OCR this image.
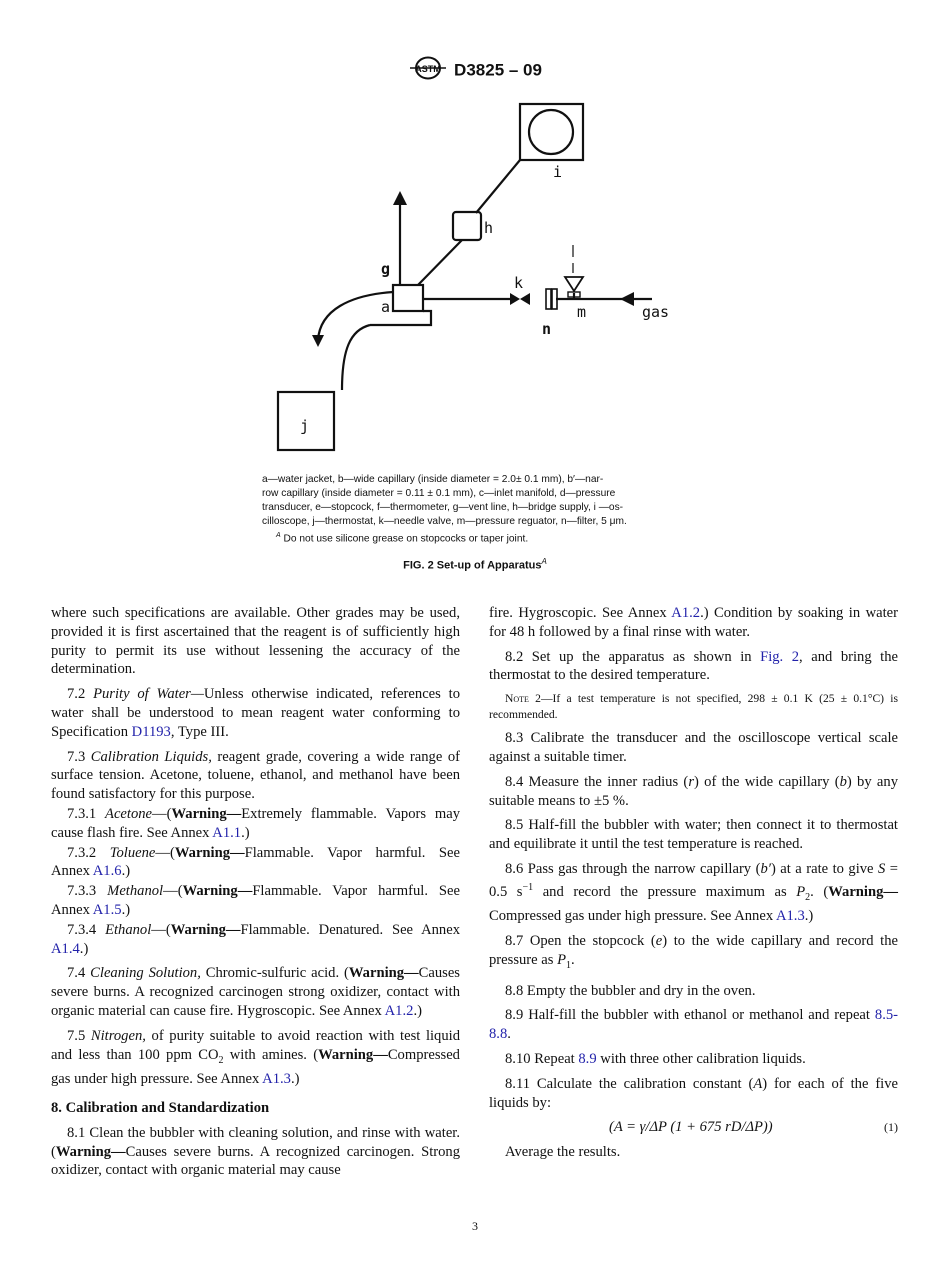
ASTM D3825 – 09
i
h
g
a
k
n
m	gas
j

a—water jacket, b—wide capillary (inside diameter = 2.0± 0.1 mm), b′—nar-

row capillary (inside diameter = 0.11 ± 0.1 mm), c—inlet manifold, d—pressure

transducer, e—stopcock, f—thermometer, g—vent line, h—bridge supply, i —os-

cilloscope, j—thermostat, k—needle valve, m—pressure reguator, n—filter, 5 μm.

$^A$ Do not use silicone grease on stopcocks or taper joint.

FIG. 2 Set-up of Apparatus$^A$

where such specifications are available. Other grades may be used, provided it is first ascertained that the reagent is of sufficiently high purity to permit its use without lessening the accuracy of the determination.

7.2 Purity of Water—Unless otherwise indicated, references to water shall be understood to mean reagent water conforming to Specification D1193, Type III.

7.3 Calibration Liquids, reagent grade, covering a wide range of surface tension. Acetone, toluene, ethanol, and methanol have been found satisfactory for this purpose.

7.3.1 Acetone—(Warning—Extremely flammable. Vapors may cause flash fire. See Annex A1.1.)

7.3.2 Toluene—(Warning—Flammable. Vapor harmful. See Annex A1.6.)

7.3.3 Methanol—(Warning—Flammable. Vapor harmful. See Annex A1.5.)

7.3.4 Ethanol—(Warning—Flammable. Denatured. See Annex A1.4.)

7.4 Cleaning Solution, Chromic-sulfuric acid. (Warning—Causes severe burns. A recognized carcinogen strong oxidizer, contact with organic material can cause fire. Hygroscopic. See Annex A1.2.)

7.5 Nitrogen, of purity suitable to avoid reaction with test liquid and less than 100 ppm $CO_2$ with amines. (Warning—Compressed gas under high pressure. See Annex A1.3.)

8. Calibration and Standardization

8.1 Clean the bubbler with cleaning solution, and rinse with water. (Warning—Causes severe burns. A recognized carcinogen. Strong oxidizer, contact with organic material may cause

fire. Hygroscopic. See Annex A1.2.) Condition by soaking in water for 48 h followed by a final rinse with water.

8.2 Set up the apparatus as shown in Fig. 2, and bring the thermostat to the desired temperature.

Note 2—If a test temperature is not specified, 298 ± 0.1 K (25 ± 0.1°C) is recommended.

8.3 Calibrate the transducer and the oscilloscope vertical scale against a suitable timer.

8.4 Measure the inner radius (r) of the wide capillary (b) by any suitable means to ±5 %.

8.5 Half-fill the bubbler with water; then connect it to thermostat and equilibrate it until the test temperature is reached.

8.6 Pass gas through the narrow capillary (b′) at a rate to give S = 0.5 $s^{-1}$ and record the pressure maximum as $P_2$. (Warning—Compressed gas under high pressure. See Annex A1.3.)

8.7 Open the stopcock (e) to the wide capillary and record the pressure as $P_1$.

8.8 Empty the bubbler and dry in the oven.

8.9 Half-fill the bubbler with ethanol or methanol and repeat 8.5-8.8.

8.10 Repeat 8.9 with three other calibration liquids.

8.11 Calculate the calibration constant (A) for each of the five liquids by:

(A = γ/ΔP (1 + 675 rD/ΔP))	(1)

Average the results.

3
